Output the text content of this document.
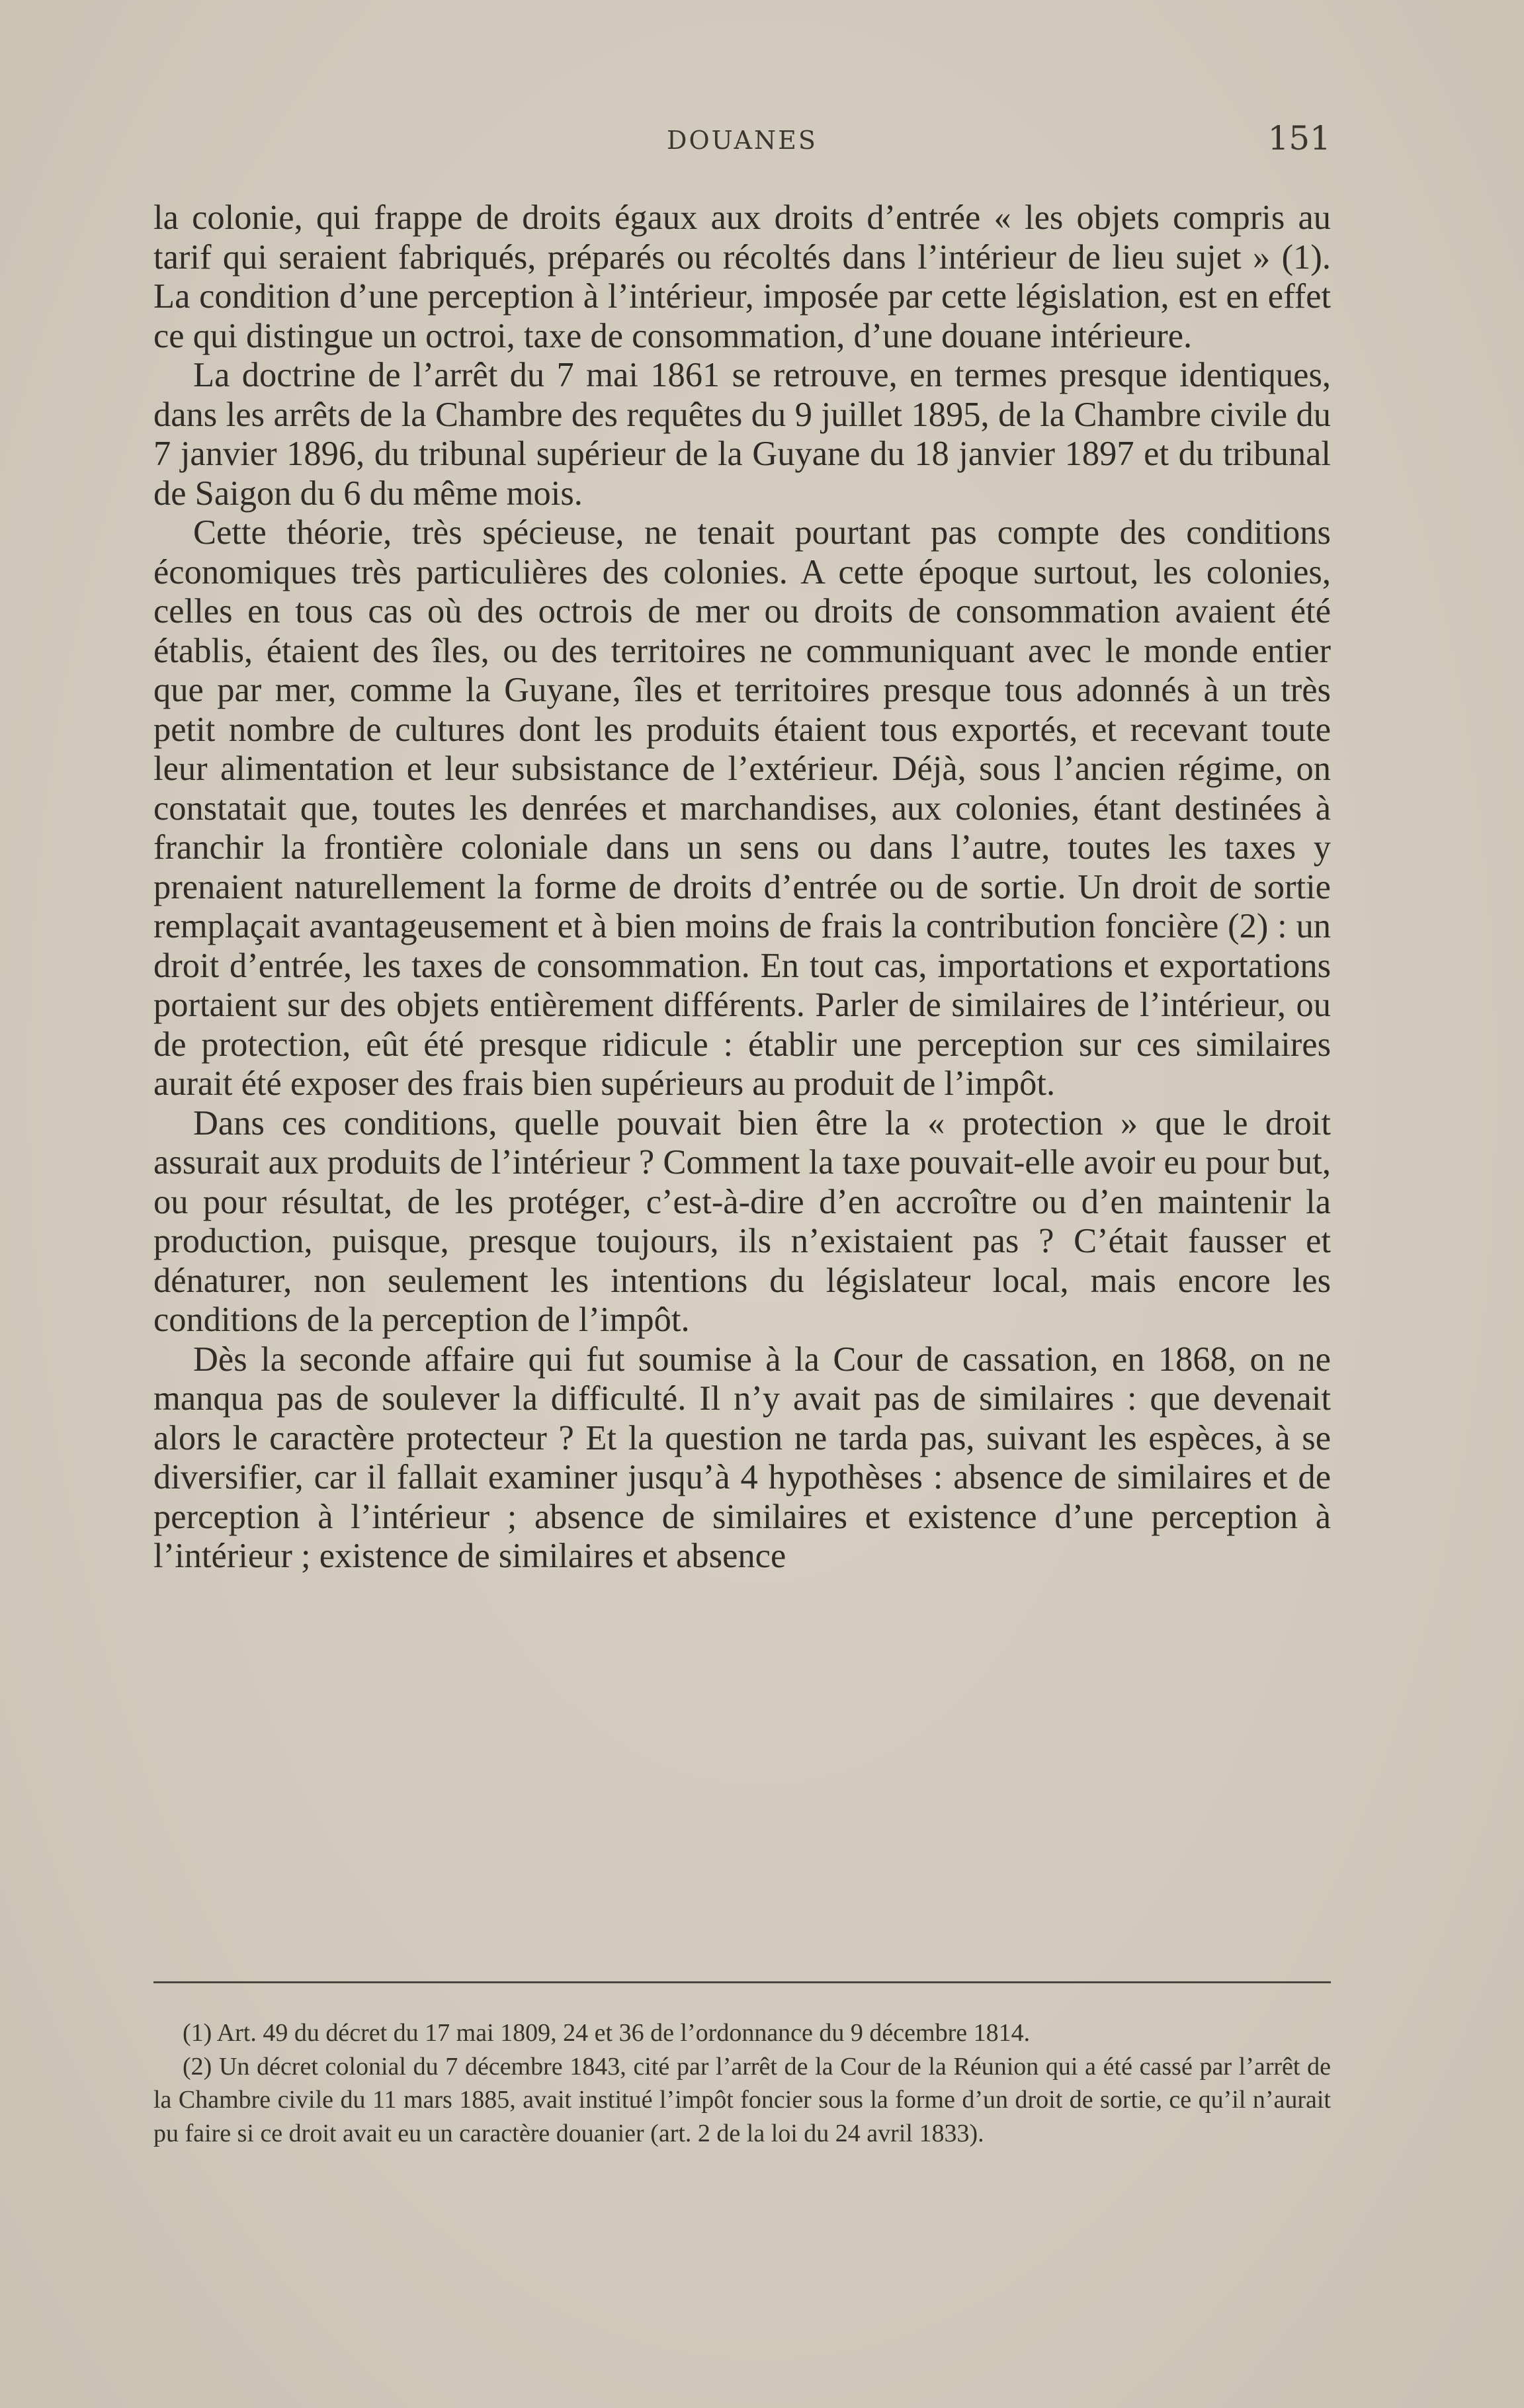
DOUANES	151

la colonie, qui frappe de droits égaux aux droits d’entrée « les objets compris au tarif qui seraient fabriqués, préparés ou récoltés dans l’intérieur de lieu sujet » (1). La condition d’une perception à l’intérieur, imposée par cette législation, est en effet ce qui distingue un octroi, taxe de consommation, d’une douane intérieure.

La doctrine de l’arrêt du 7 mai 1861 se retrouve, en termes presque identiques, dans les arrêts de la Chambre des requêtes du 9 juillet 1895, de la Chambre civile du 7 janvier 1896, du tribunal supérieur de la Guyane du 18 janvier 1897 et du tribunal de Saigon du 6 du même mois.

Cette théorie, très spécieuse, ne tenait pourtant pas compte des conditions économiques très particulières des colonies. A cette époque surtout, les colonies, celles en tous cas où des octrois de mer ou droits de consommation avaient été établis, étaient des îles, ou des territoires ne communiquant avec le monde entier que par mer, comme la Guyane, îles et territoires presque tous adonnés à un très petit nombre de cultures dont les produits étaient tous exportés, et recevant toute leur alimentation et leur subsistance de l’extérieur. Déjà, sous l’ancien régime, on constatait que, toutes les denrées et marchandises, aux colonies, étant destinées à franchir la frontière coloniale dans un sens ou dans l’autre, toutes les taxes y prenaient naturellement la forme de droits d’entrée ou de sortie. Un droit de sortie remplaçait avantageusement et à bien moins de frais la contribution foncière (2) : un droit d’entrée, les taxes de consommation. En tout cas, importations et exportations portaient sur des objets entièrement différents. Parler de similaires de l’intérieur, ou de protection, eût été presque ridicule : établir une perception sur ces similaires aurait été exposer des frais bien supérieurs au produit de l’impôt.

Dans ces conditions, quelle pouvait bien être la « protection » que le droit assurait aux produits de l’intérieur ? Comment la taxe pouvait-elle avoir eu pour but, ou pour résultat, de les protéger, c’est-à-dire d’en accroître ou d’en maintenir la production, puisque, presque toujours, ils n’existaient pas ? C’était fausser et dénaturer, non seulement les intentions du législateur local, mais encore les conditions de la perception de l’impôt.

Dès la seconde affaire qui fut soumise à la Cour de cassation, en 1868, on ne manqua pas de soulever la difficulté. Il n’y avait pas de similaires : que devenait alors le caractère protecteur ? Et la question ne tarda pas, suivant les espèces, à se diversifier, car il fallait examiner jusqu’à 4 hypothèses : absence de similaires et de perception à l’intérieur ; absence de similaires et existence d’une perception à l’intérieur ; existence de similaires et absence

(1) Art. 49 du décret du 17 mai 1809, 24 et 36 de l’ordonnance du 9 décembre 1814.

(2) Un décret colonial du 7 décembre 1843, cité par l’arrêt de la Cour de la Réunion qui a été cassé par l’arrêt de la Chambre civile du 11 mars 1885, avait institué l’impôt foncier sous la forme d’un droit de sortie, ce qu’il n’aurait pu faire si ce droit avait eu un caractère douanier (art. 2 de la loi du 24 avril 1833).
